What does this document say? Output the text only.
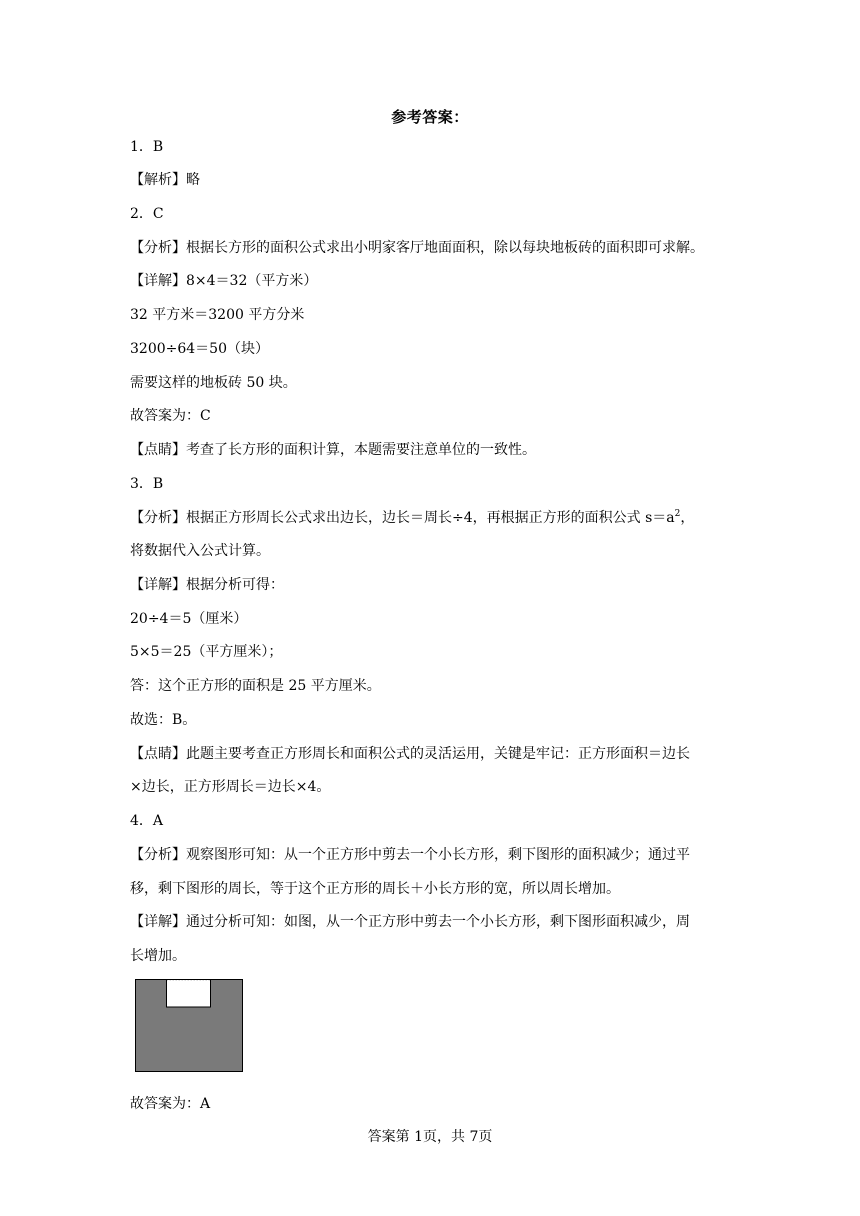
参考答案：
1．B
【解析】略
2．C
【分析】根据长方形的面积公式求出小明家客厅地面面积，除以每块地板砖的面积即可求解。
【详解】8×4＝32（平方米）
32 平方米＝3200 平方分米
3200÷64＝50（块）
需要这样的地板砖 50 块。
故答案为：C
【点睛】考查了长方形的面积计算，本题需要注意单位的一致性。
3．B
【分析】根据正方形周长公式求出边长，边长＝周长÷4，再根据正方形的面积公式 $s=a^2$，
将数据代入公式计算。
【详解】根据分析可得：
20÷4＝5（厘米）
5×5＝25（平方厘米）；
答：这个正方形的面积是 25 平方厘米。
故选：B。
【点睛】此题主要考查正方形周长和面积公式的灵活运用，关键是牢记：正方形面积＝边长
×边长，正方形周长＝边长×4。
4．A
【分析】观察图形可知：从一个正方形中剪去一个小长方形，剩下图形的面积减少；通过平
移，剩下图形的周长，等于这个正方形的周长＋小长方形的宽，所以周长增加。
【详解】通过分析可知：如图，从一个正方形中剪去一个小长方形，剩下图形面积减少，周
长增加。
故答案为：A
答案第 1页，共 7页
